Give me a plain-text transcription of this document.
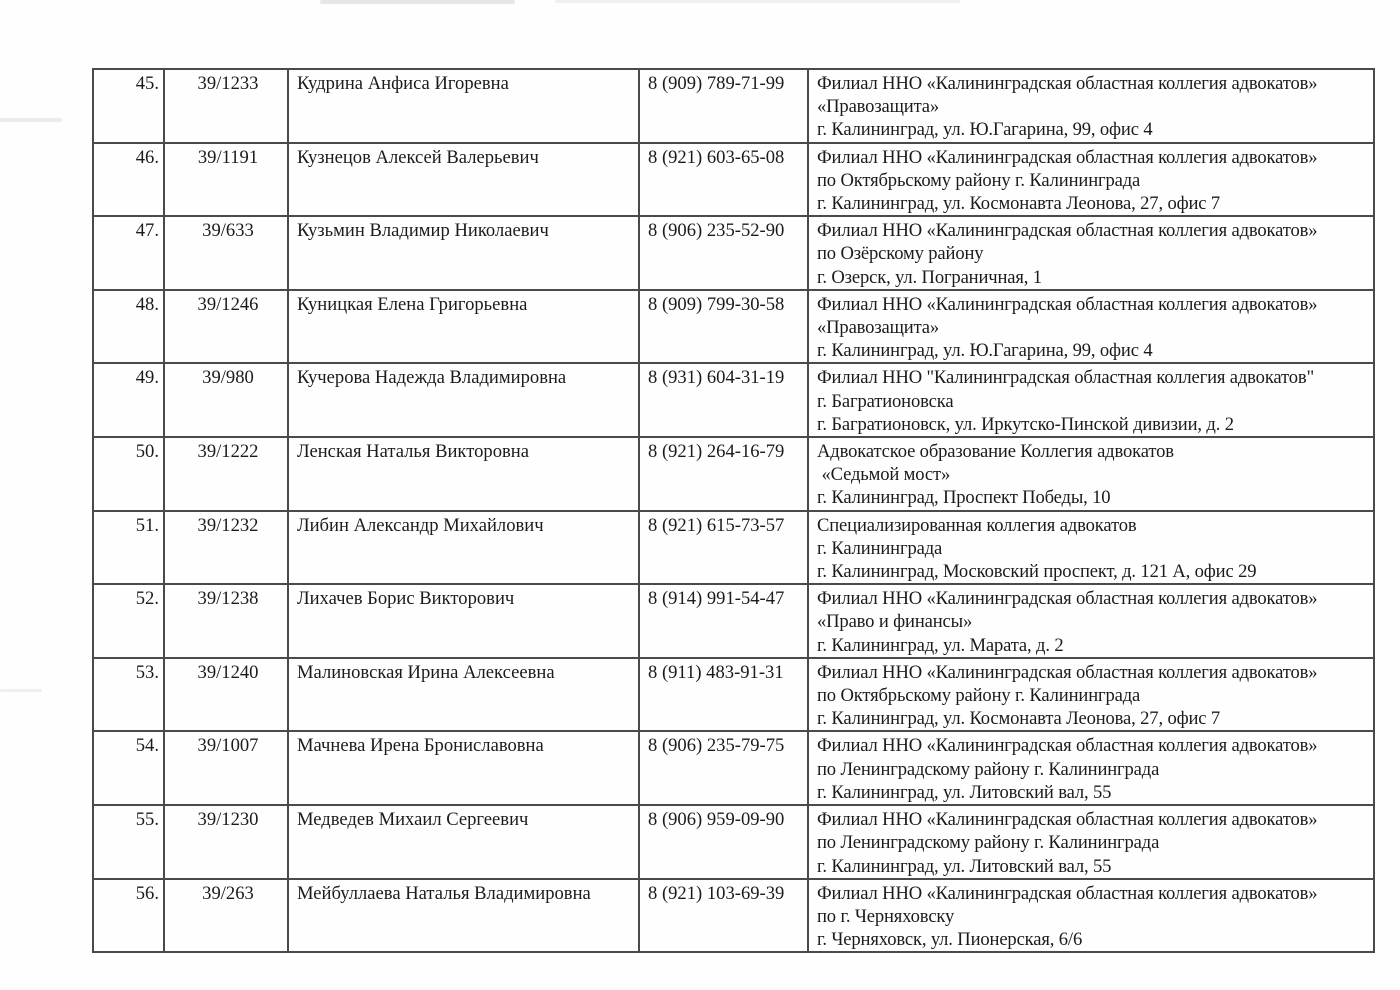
45.	39/1233	Кудрина Анфиса Игоревна	8 (909) 789-71-99	Филиал ННО «Калининградская областная коллегия адвокатов»
«Правозащита»
г. Калининград, ул. Ю.Гагарина, 99, офис 4

46.	39/1191	Кузнецов Алексей Валерьевич	8 (921) 603-65-08	Филиал ННО «Калининградская областная коллегия адвокатов»
по Октябрьскому району г. Калининграда
г. Калининград, ул. Космонавта Леонова, 27, офис 7

47.	39/633	Кузьмин Владимир Николаевич	8 (906) 235-52-90	Филиал ННО «Калининградская областная коллегия адвокатов»
по Озёрскому району
г. Озерск, ул. Пограничная, 1

48.	39/1246	Куницкая Елена Григорьевна	8 (909) 799-30-58	Филиал ННО «Калининградская областная коллегия адвокатов»
«Правозащита»
г. Калининград, ул. Ю.Гагарина, 99, офис 4

49.	39/980	Кучерова Надежда Владимировна	8 (931) 604-31-19	Филиал ННО "Калининградская областная коллегия адвокатов"
г. Багратионовска
г. Багратионовск, ул. Иркутско-Пинской дивизии, д. 2

50.	39/1222	Ленская Наталья Викторовна	8 (921) 264-16-79	Адвокатское образование Коллегия адвокатов
«Седьмой мост»
г. Калининград, Проспект Победы, 10

51.	39/1232	Либин Александр Михайлович	8 (921) 615-73-57	Специализированная коллегия адвокатов
г. Калининграда
г. Калининград, Московский проспект, д. 121 А, офис 29

52.	39/1238	Лихачев Борис Викторович	8 (914) 991-54-47	Филиал ННО «Калининградская областная коллегия адвокатов»
«Право и финансы»
г. Калининград, ул. Марата, д. 2

53.	39/1240	Малиновская Ирина Алексеевна	8 (911) 483-91-31	Филиал ННО «Калининградская областная коллегия адвокатов»
по Октябрьскому району г. Калининграда
г. Калининград, ул. Космонавта Леонова, 27, офис 7

54.	39/1007	Мачнева Ирена Брониславовна	8 (906) 235-79-75	Филиал ННО «Калининградская областная коллегия адвокатов»
по Ленинградскому району г. Калининграда
г. Калининград, ул. Литовский вал, 55

55.	39/1230	Медведев Михаил Сергеевич	8 (906) 959-09-90	Филиал ННО «Калининградская областная коллегия адвокатов»
по Ленинградскому району г. Калининграда
г. Калининград, ул. Литовский вал, 55

56.	39/263	Мейбуллаева Наталья Владимировна	8 (921) 103-69-39	Филиал ННО «Калининградская областная коллегия адвокатов»
по г. Черняховску
г. Черняховск, ул. Пионерская, 6/6
